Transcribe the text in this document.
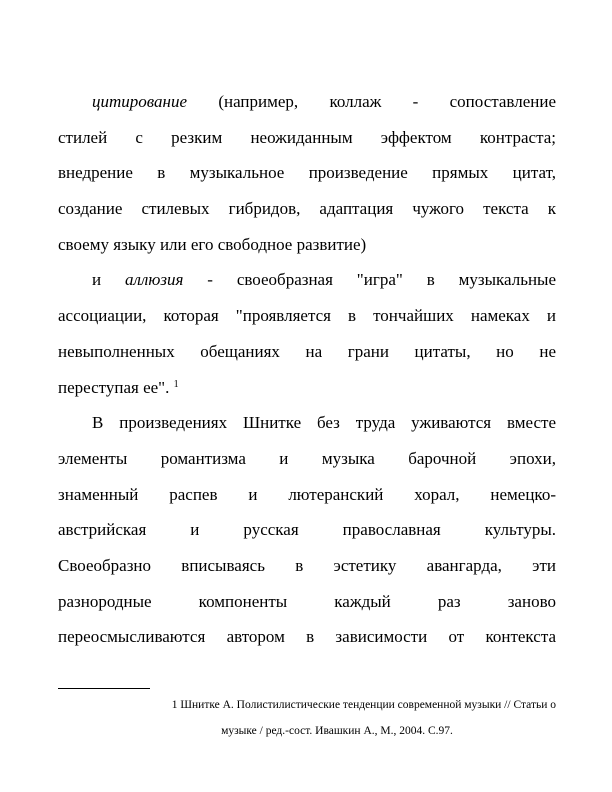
цитирование (например, коллаж - сопоставление
стилей с резким неожиданным эффектом контраста;
внедрение в музыкальное произведение прямых цитат,
создание стилевых гибридов, адаптация чужого текста к
своему языку или его свободное развитие)
и аллюзия - своеобразная "игра" в музыкальные
ассоциации, которая "проявляется в тончайших намеках и
невыполненных обещаниях на грани цитаты, но не
переступая ее". $^1$
В произведениях Шнитке без труда уживаются вместе
элементы романтизма и музыка барочной эпохи,
знаменный распев и лютеранский хорал, немецко-
австрийская и русская православная культуры.
Своеобразно вписываясь в эстетику авангарда, эти
разнородные компоненты каждый раз заново
переосмысливаются автором в зависимости от контекста
1 Шнитке А. Полистилистические тенденции современной музыки // Статьи о
музыке / ред.-сост. Ивашкин А., М., 2004. С.97.
